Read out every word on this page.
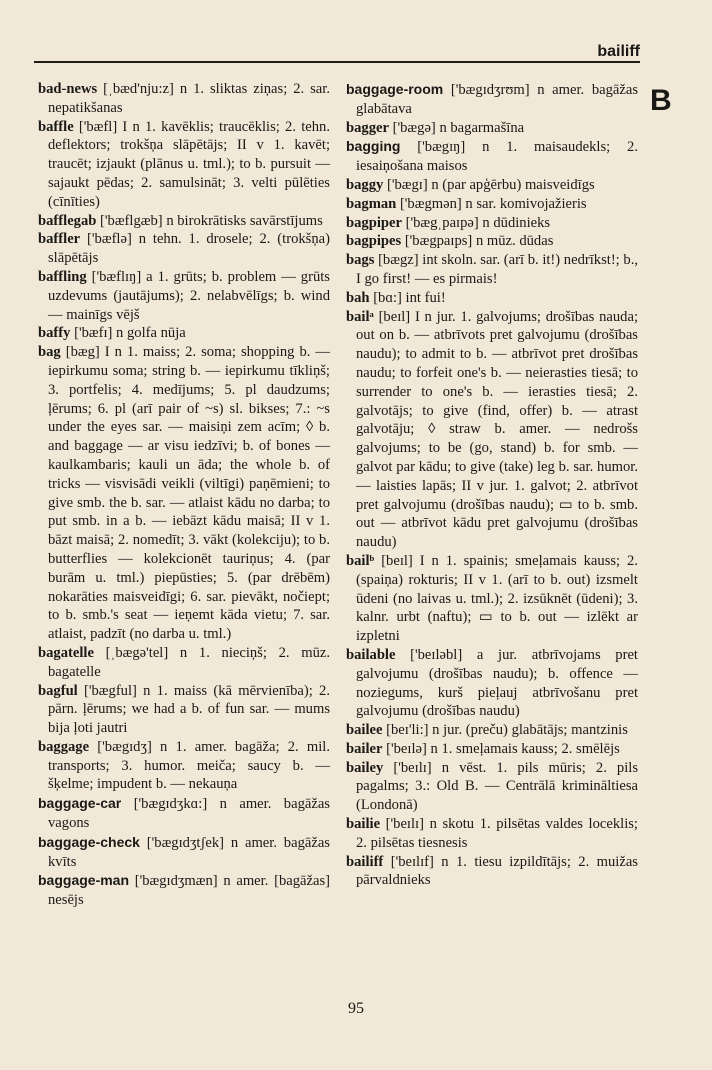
bailiff
B

bad-news [ˌbæd'nju:z] n 1. sliktas ziņas; 2. sar. nepatikšanas

baffle ['bæfl] I n 1. kavēklis; traucēklis; 2. tehn. deflektors; trokšņa slāpētājs; II v 1. kavēt; traucēt; izjaukt (plānus u. tml.); to b. pursuit — sajaukt pēdas; 2. samulsināt; 3. velti pūlēties (cīnīties)

bafflegab ['bæflgæb] n birokrātisks savārstījums

baffler ['bæflə] n tehn. 1. drosele; 2. (trokšņa) slāpētājs

baffling ['bæflɪŋ] a 1. grūts; b. problem — grūts uzdevums (jautājums); 2. nelabvēlīgs; b. wind — mainīgs vējš

baffy ['bæfɪ] n golfa nūja

bag [bæg] I n 1. maiss; 2. soma; shopping b. — iepirkumu soma; string b. — iepirkumu tīkliņš; 3. portfelis; 4. medījums; 5. pl daudzums; ļērums; 6. pl (arī pair of ~s) sl. bikses; 7.: ~s under the eyes sar. — maisiņi zem acīm; ◊ b. and baggage — ar visu iedzīvi; b. of bones — kaulkambaris; kauli un āda; the whole b. of tricks — visvisādi veikli (viltīgi) paņēmieni; to give smb. the b. sar. — atlaist kādu no darba; to put smb. in a b. — iebāzt kādu maisā; II v 1. bāzt maisā; 2. nomedīt; 3. vākt (kolekciju); to b. butterflies — kolekcionēt tauriņus; 4. (par burām u. tml.) piepūsties; 5. (par drēbēm) nokarāties maisveidīgi; 6. sar. pievākt, nočiept; to b. smb.'s seat — ieņemt kāda vietu; 7. sar. atlaist, padzīt (no darba u. tml.)

bagatelle [ˌbægə'tel] n 1. nieciņš; 2. mūz. bagatelle

bagful ['bægful] n 1. maiss (kā mērvienība); 2. pārn. ļērums; we had a b. of fun sar. — mums bija ļoti jautri

baggage ['bægɪdʒ] n 1. amer. bagāža; 2. mil. transports; 3. humor. meiča; saucy b. — šķelme; impudent b. — nekauņa

baggage-car ['bægɪdʒkɑ:] n amer. bagāžas vagons

baggage-check ['bægɪdʒtʃek] n amer. bagāžas kvīts

baggage-man ['bægɪdʒmæn] n amer. [bagāžas] nesējs

baggage-room ['bægɪdʒrʊm] n amer. bagāžas glabātava

bagger ['bægə] n bagarmašīna

bagging ['bægɪŋ] n 1. maisaudekls; 2. iesaiņošana maisos

baggy ['bægɪ] n (par apģērbu) maisveidīgs

bagman ['bægmən] n sar. komivojažieris

bagpiper ['bægˌpaɪpə] n dūdinieks

bagpipes ['bægpaɪps] n mūz. dūdas

bags [bægz] int skoln. sar. (arī b. it!) nedrīkst!; b., I go first! — es pirmais!

bah [bɑ:] int fui!

bailᵃ [beɪl] I n jur. 1. galvojums; drošības nauda; out on b. — atbrīvots pret galvojumu (drošības naudu); to admit to b. — atbrīvot pret drošības naudu; to forfeit one's b. — neierasties tiesā; to surrender to one's b. — ierasties tiesā; 2. galvotājs; to give (find, offer) b. — atrast galvotāju; ◊ straw b. amer. — nedrošs galvojums; to be (go, stand) b. for smb. — galvot par kādu; to give (take) leg b. sar. humor. — laisties lapās; II v jur. 1. galvot; 2. atbrīvot pret galvojumu (drošības naudu); ▭ to b. smb. out — atbrīvot kādu pret galvojumu (drošības naudu)

bailᵇ [beɪl] I n 1. spainis; smeļamais kauss; 2. (spaiņa) rokturis; II v 1. (arī to b. out) izsmelt ūdeni (no laivas u. tml.); 2. izsūknēt (ūdeni); 3. kalnr. urbt (naftu); ▭ to b. out — izlēkt ar izpletni

bailable ['beɪləbl] a jur. atbrīvojams pret galvojumu (drošības naudu); b. offence — noziegums, kurš pieļauj atbrīvošanu pret galvojumu (drošības naudu)

bailee [beɪ'li:] n jur. (preču) glabātājs; mantzinis

bailer ['beɪlə] n 1. smeļamais kauss; 2. smēlējs

bailey ['beɪlɪ] n vēst. 1. pils mūris; 2. pils pagalms; 3.: Old B. — Centrālā krimināltiesa (Londonā)

bailie ['beɪlɪ] n skotu 1. pilsētas valdes loceklis; 2. pilsētas tiesnesis

bailiff ['beɪlɪf] n 1. tiesu izpildītājs; 2. muižas pārvaldnieks

95
